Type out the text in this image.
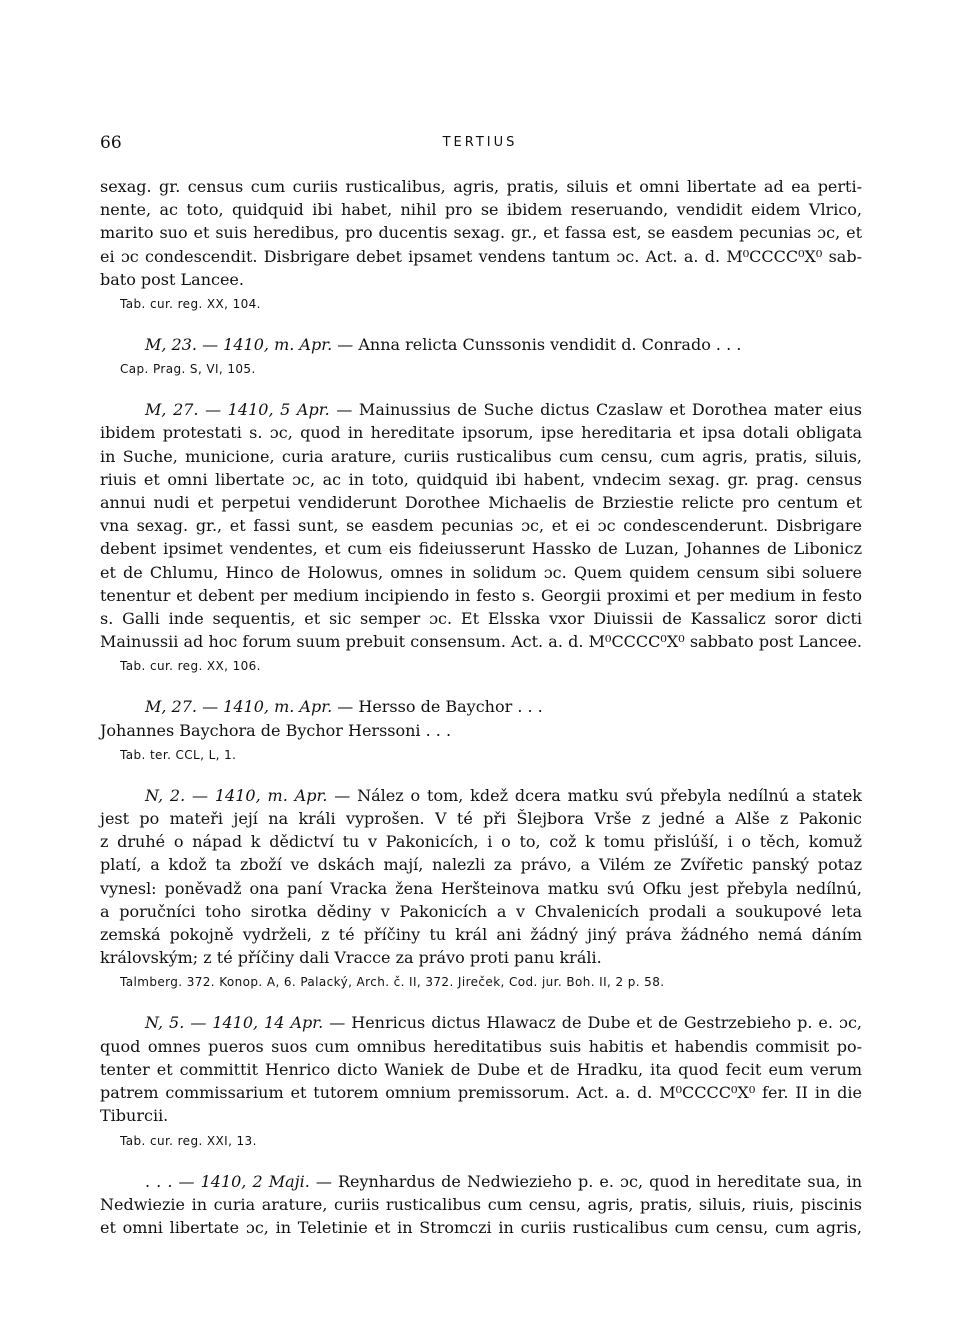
66	TERTIUS

sexag. gr. census cum curiis rusticalibus, agris, pratis, siluis et omni libertate ad ea perti-
nente, ac toto, quidquid ibi habet, nihil pro se ibidem reseruando, vendidit eidem Vlrico,
marito suo et suis heredibus, pro ducentis sexag. gr., et fassa est, se easdem pecunias ɔc, et
ei ɔc condescendit. Disbrigare debet ipsamet vendens tantum ɔc. Act. a. d. M⁰CCCC⁰X⁰ sab-
bato post Lancee.

Tab. cur. reg. XX, 104.

M, 23. — 1410, m. Apr. — Anna relicta Cunssonis vendidit d. Conrado . . .

Cap. Prag. S, VI, 105.

M, 27. — 1410, 5 Apr. — Mainussius de Suche dictus Czaslaw et Dorothea mater eius
ibidem protestati s. ɔc, quod in hereditate ipsorum, ipse hereditaria et ipsa dotali obligata
in Suche, municione, curia arature, curiis rusticalibus cum censu, cum agris, pratis, siluis,
riuis et omni libertate ɔc, ac in toto, quidquid ibi habent, vndecim sexag. gr. prag. census
annui nudi et perpetui vendiderunt Dorothee Michaelis de Brziestie relicte pro centum et
vna sexag. gr., et fassi sunt, se easdem pecunias ɔc, et ei ɔc condescenderunt. Disbrigare
debent ipsimet vendentes, et cum eis fideiusserunt Hassko de Luzan, Johannes de Libonicz
et de Chlumu, Hinco de Holowus, omnes in solidum ɔc. Quem quidem censum sibi soluere
tenentur et debent per medium incipiendo in festo s. Georgii proximi et per medium in festo
s. Galli inde sequentis, et sic semper ɔc. Et Elsska vxor Diuissii de Kassalicz soror dicti
Mainussii ad hoc forum suum prebuit consensum. Act. a. d. M⁰CCCC⁰X⁰ sabbato post Lancee.

Tab. cur. reg. XX, 106.

M, 27. — 1410, m. Apr. — Hersso de Baychor . . .
Johannes Baychora de Bychor Herssoni . . .

Tab. ter. CCL, L, 1.

N, 2. — 1410, m. Apr. — Nález o tom, kdež dcera matku svú přebyla nedílnú a statek
jest po mateři její na králi vyprošen. V té při Šlejbora Vrše z jedné a Alše z Pakonic
z druhé o nápad k dědictví tu v Pakonicích, i o to, což k tomu přislúší, i o těch, komuž
platí, a kdož ta zboží ve dskách mají, nalezli za právo, a Vilém ze Zvířetic panský potaz
vynesl: poněvadž ona paní Vracka žena Heršteinova matku svú Ofku jest přebyla nedílnú,
a poručníci toho sirotka dědiny v Pakonicích a v Chvalenicích prodali a soukupové leta
zemská pokojně vydrželi, z té příčiny tu král ani žádný jiný práva žádného nemá dáním
královským; z té příčiny dali Vracce za právo proti panu králi.

Talmberg. 372. Konop. A, 6. Palacký, Arch. č. II, 372. Jireček, Cod. jur. Boh. II, 2 p. 58.

N, 5. — 1410, 14 Apr. — Henricus dictus Hlawacz de Dube et de Gestrzebieho p. e. ɔc,
quod omnes pueros suos cum omnibus hereditatibus suis habitis et habendis commisit po-
tenter et committit Henrico dicto Waniek de Dube et de Hradku, ita quod fecit eum verum
patrem commissarium et tutorem omnium premissorum. Act. a. d. M⁰CCCC⁰X⁰ fer. II in die
Tiburcii.

Tab. cur. reg. XXI, 13.

. . . — 1410, 2 Maji. — Reynhardus de Nedwiezieho p. e. ɔc, quod in hereditate sua, in
Nedwiezie in curia arature, curiis rusticalibus cum censu, agris, pratis, siluis, riuis, piscinis
et omni libertate ɔc, in Teletinie et in Stromczi in curiis rusticalibus cum censu, cum agris,
